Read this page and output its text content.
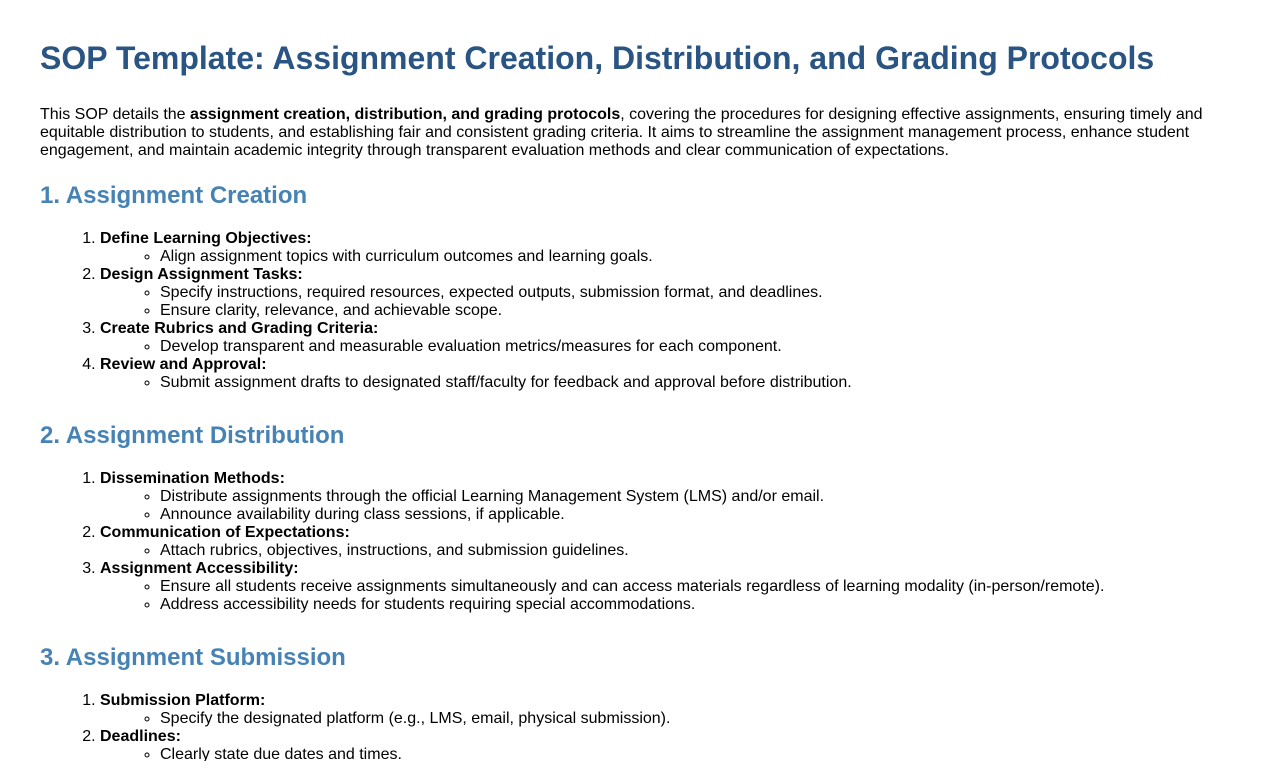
SOP Template: Assignment Creation, Distribution, and Grading Protocols

This SOP details the assignment creation, distribution, and grading protocols, covering the procedures for designing effective assignments, ensuring timely and equitable distribution to students, and establishing fair and consistent grading criteria. It aims to streamline the assignment management process, enhance student engagement, and maintain academic integrity through transparent evaluation methods and clear communication of expectations.

1. Assignment Creation
1. Define Learning Objectives:
◦ Align assignment topics with curriculum outcomes and learning goals.
2. Design Assignment Tasks:
◦ Specify instructions, required resources, expected outputs, submission format, and deadlines.
◦ Ensure clarity, relevance, and achievable scope.
3. Create Rubrics and Grading Criteria:
◦ Develop transparent and measurable evaluation metrics/measures for each component.
4. Review and Approval:
◦ Submit assignment drafts to designated staff/faculty for feedback and approval before distribution.
2. Assignment Distribution
1. Dissemination Methods:
◦ Distribute assignments through the official Learning Management System (LMS) and/or email.
◦ Announce availability during class sessions, if applicable.
2. Communication of Expectations:
◦ Attach rubrics, objectives, instructions, and submission guidelines.
3. Assignment Accessibility:
◦ Ensure all students receive assignments simultaneously and can access materials regardless of learning modality (in-person/remote).
◦ Address accessibility needs for students requiring special accommodations.
3. Assignment Submission
1. Submission Platform:
◦ Specify the designated platform (e.g., LMS, email, physical submission).
2. Deadlines:
◦ Clearly state due dates and times.
